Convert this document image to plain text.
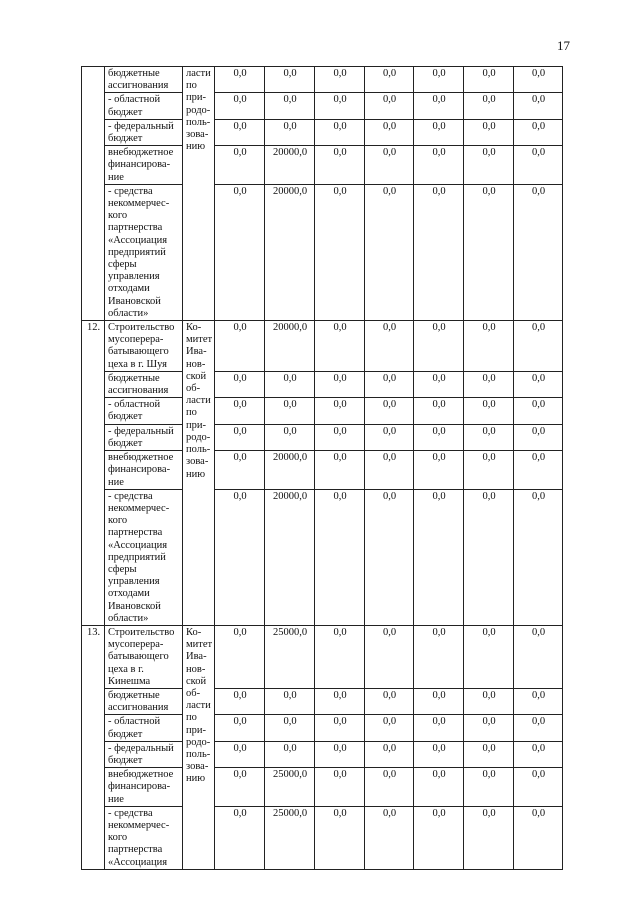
17
	бюджетные ассигнования	ласти по при-родо-поль-зова-нию	0,0	0,0	0,0	0,0	0,0	0,0	0,0
	- областной бюджет		0,0	0,0	0,0	0,0	0,0	0,0	0,0
	- федеральный бюджет		0,0	0,0	0,0	0,0	0,0	0,0	0,0
	внебюджетное финансирова-ние		0,0	20000,0	0,0	0,0	0,0	0,0	0,0
	- средства некоммерчес-кого партнерства «Ассоциация предприятий сферы управления отходами Ивановской области»		0,0	20000,0	0,0	0,0	0,0	0,0	0,0
12.	Строительство мусоперера-батывающего цеха в г. Шуя	Ко-митет Ива-нов-ской об-ласти по при-родо-поль-зова-нию	0,0	20000,0	0,0	0,0	0,0	0,0	0,0
	бюджетные ассигнования		0,0	0,0	0,0	0,0	0,0	0,0	0,0
	- областной бюджет		0,0	0,0	0,0	0,0	0,0	0,0	0,0
	- федеральный бюджет		0,0	0,0	0,0	0,0	0,0	0,0	0,0
	внебюджетное финансирова-ние		0,0	20000,0	0,0	0,0	0,0	0,0	0,0
	- средства некоммерчес-кого партнерства «Ассоциация предприятий сферы управления отходами Ивановской области»		0,0	20000,0	0,0	0,0	0,0	0,0	0,0
13.	Строительство мусоперера-батывающего цеха в г. Кинешма	Ко-митет Ива-нов-ской об-ласти по при-родо-поль-зова-нию	0,0	25000,0	0,0	0,0	0,0	0,0	0,0
	бюджетные ассигнования		0,0	0,0	0,0	0,0	0,0	0,0	0,0
	- областной бюджет		0,0	0,0	0,0	0,0	0,0	0,0	0,0
	- федеральный бюджет		0,0	0,0	0,0	0,0	0,0	0,0	0,0
	внебюджетное финансирова-ние		0,0	25000,0	0,0	0,0	0,0	0,0	0,0
	- средства некоммерчес-кого партнерства «Ассоциация		0,0	25000,0	0,0	0,0	0,0	0,0	0,0
